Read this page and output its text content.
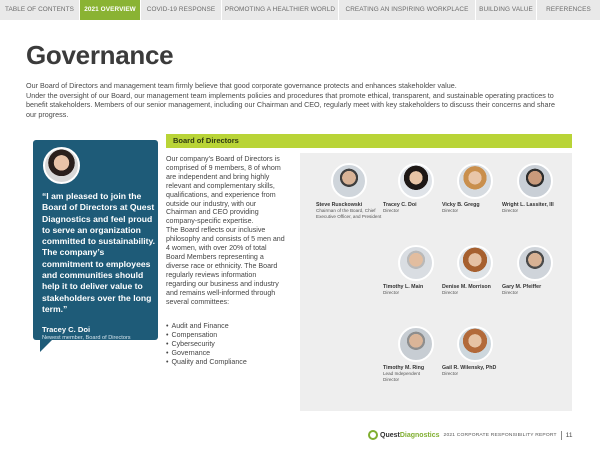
TABLE OF CONTENTS	2021 OVERVIEW	COVID-19 RESPONSE	PROMOTING A HEALTHIER WORLD	CREATING AN INSPIRING WORKPLACE	BUILDING VALUE	REFERENCES
Governance

Our Board of Directors and management team firmly believe that good corporate governance protects and enhances stakeholder value.

Under the oversight of our Board, our management team implements policies and procedures that promote ethical, transparent, and sustainable operating practices to benefit stakeholders. Members of our senior management, including our Chairman and CEO, regularly meet with key stakeholders to discuss their concerns and share our progress.

“I am pleased to join the Board of Directors at Quest Diagnostics and feel proud to serve an organization committed to sustainability. The company’s commitment to employees and communities should help it to deliver value to stakeholders over the long term.”
Tracey C. Doi
Newest member, Board of Directors
Board of Directors

Our company’s Board of Directors is comprised of 9 members, 8 of whom are independent and bring highly relevant and complementary skills, qualifications, and experience from outside our industry, with our Chairman and CEO providing company-specific expertise.

The Board reflects our inclusive philosophy and consists of 5 men and 4 women, with over 20% of total Board Members representing a diverse race or ethnicity. The Board regularly reviews information regarding our business and industry and remains well-informed through several committees:

• Audit and Finance
• Compensation
• Cybersecurity
• Governance
• Quality and Compliance
Steve Rusckowski
Chairman of the Board, Chief Executive Officer, and President
Tracey C. Doi
Director
Vicky B. Gregg
Director
Wright L. Lassiter, III
Director
Timothy L. Main
Director
Denise M. Morrison
Director
Gary M. Pfeiffer
Director
Timothy M. Ring
Lead Independent Director
Gail R. Wilensky, PhD
Director
QuestDiagnostics 2021 CORPORATE RESPONSIBILITY REPORT 11
